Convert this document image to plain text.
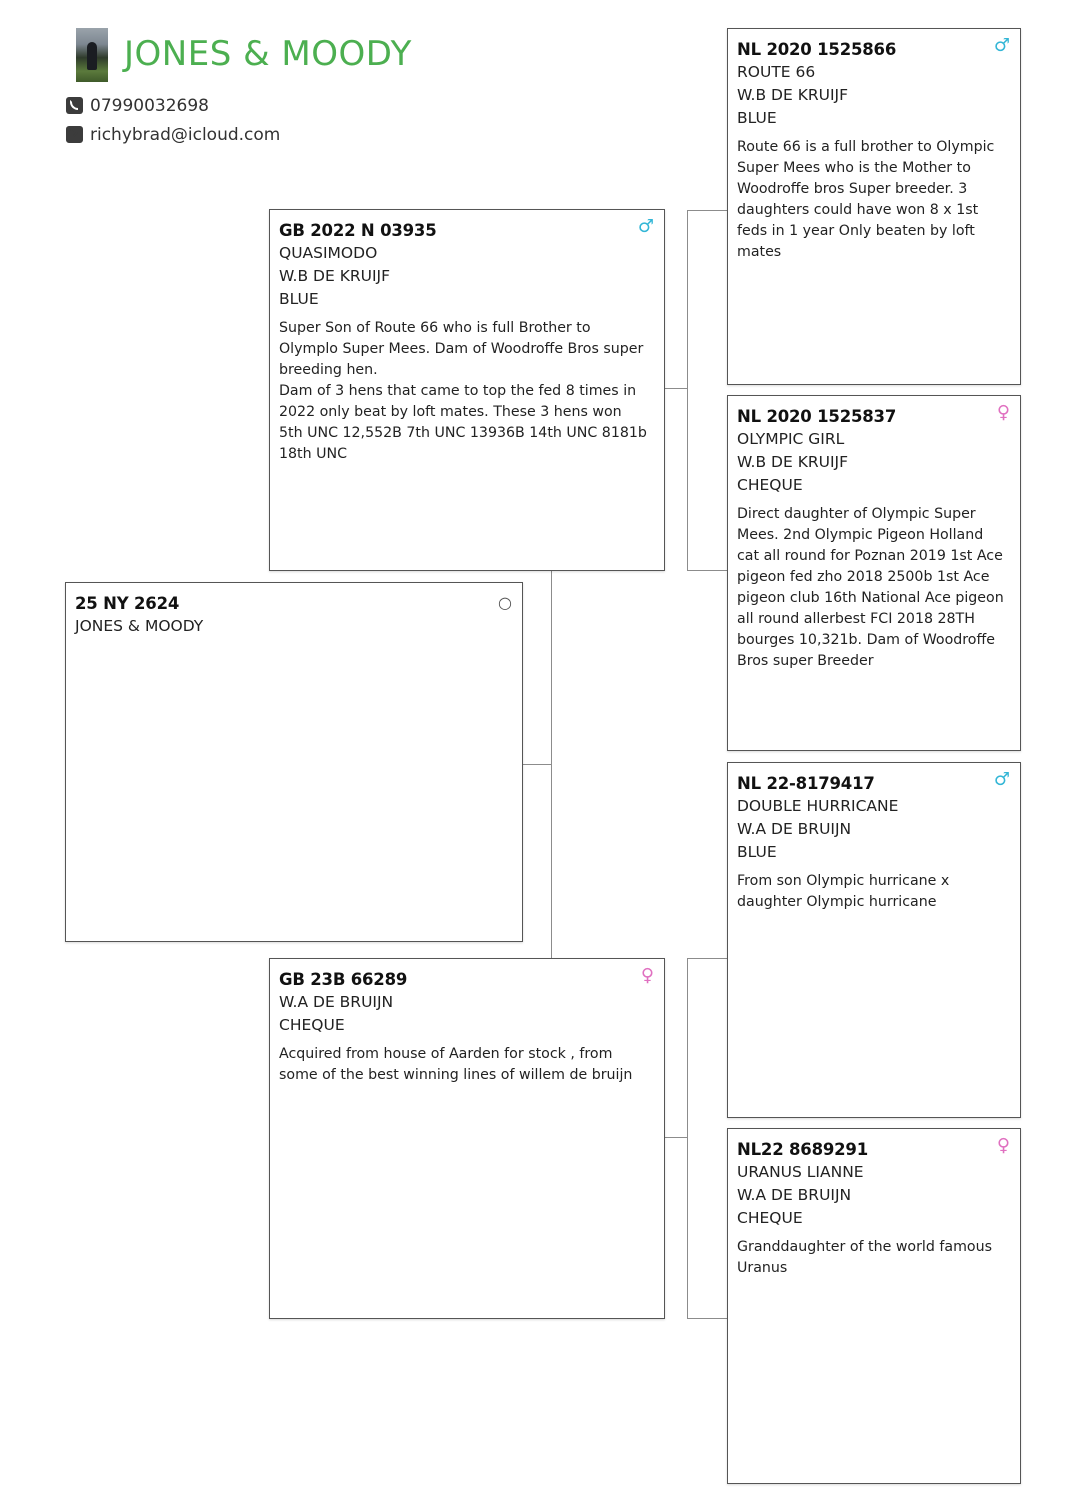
JONES & MOODY
07990032698
richybrad@icloud.com
○
25 NY 2624
JONES & MOODY
♂
GB 2022 N 03935
QUASIMODO
W.B DE KRUIJF
BLUE
Super Son of Route 66 who is full Brother to Olymplo Super Mees. Dam of Woodroffe Bros super breeding hen.
Dam of 3 hens that came to top the fed 8 times in 2022 only beat by loft mates. These 3 hens won 5th UNC 12,552B 7th UNC 13936B 14th UNC 8181b 18th UNC
♀
GB 23B 66289
W.A DE BRUIJN
CHEQUE
Acquired from house of Aarden for stock , from some of the best winning lines of willem de bruijn
♂
NL 2020 1525866
ROUTE 66
W.B DE KRUIJF
BLUE
Route 66 is a full brother to Olympic Super Mees who is the Mother to Woodroffe bros Super breeder. 3 daughters could have won 8 x 1st feds in 1 year Only beaten by loft mates
♀
NL 2020 1525837
OLYMPIC GIRL
W.B DE KRUIJF
CHEQUE
Direct daughter of Olympic Super Mees. 2nd Olympic Pigeon Holland cat all round for Poznan 2019 1st Ace pigeon fed zho 2018 2500b 1st Ace pigeon club 16th National Ace pigeon all round allerbest FCI 2018 28TH bourges 10,321b. Dam of Woodroffe Bros super Breeder
♂
NL 22-8179417
DOUBLE HURRICANE
W.A DE BRUIJN
BLUE
From son Olympic hurricane x daughter Olympic hurricane
♀
NL22 8689291
URANUS LIANNE
W.A DE BRUIJN
CHEQUE
Granddaughter of the world famous Uranus
